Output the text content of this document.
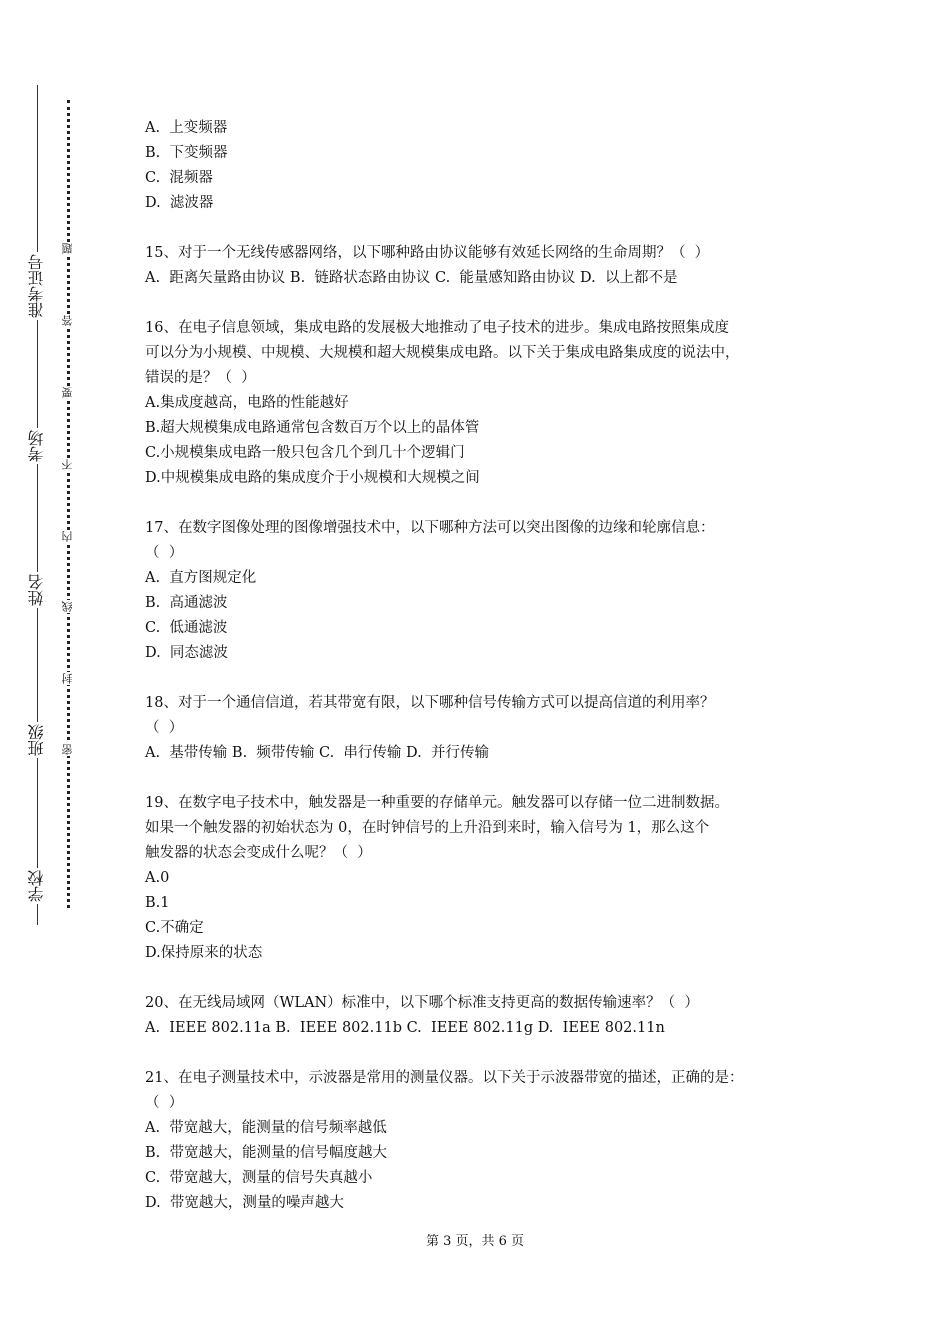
学校
班级
姓名
考场
准考证号
密
封
线
内
不
要
答
题
A.  上变频器
B.  下变频器
C.  混频器
D.  滤波器
15、对于一个无线传感器网络，以下哪种路由协议能够有效延长网络的生命周期？（  ）
A.  距离矢量路由协议 B.  链路状态路由协议 C.  能量感知路由协议 D.  以上都不是
16、在电子信息领域，集成电路的发展极大地推动了电子技术的进步。集成电路按照集成度
可以分为小规模、中规模、大规模和超大规模集成电路。以下关于集成电路集成度的说法中，
错误的是？（  ）
A.集成度越高，电路的性能越好
B.超大规模集成电路通常包含数百万个以上的晶体管
C.小规模集成电路一般只包含几个到几十个逻辑门
D.中规模集成电路的集成度介于小规模和大规模之间
17、在数字图像处理的图像增强技术中，以下哪种方法可以突出图像的边缘和轮廓信息：
（  ）
A.  直方图规定化
B.  高通滤波
C.  低通滤波
D.  同态滤波
18、对于一个通信信道，若其带宽有限，以下哪种信号传输方式可以提高信道的利用率？
（  ）
A.  基带传输 B.  频带传输 C.  串行传输 D.  并行传输
19、在数字电子技术中，触发器是一种重要的存储单元。触发器可以存储一位二进制数据。
如果一个触发器的初始状态为 0，在时钟信号的上升沿到来时，输入信号为 1，那么这个
触发器的状态会变成什么呢？（  ）
A.0
B.1
C.不确定
D.保持原来的状态
20、在无线局域网（WLAN）标准中，以下哪个标准支持更高的数据传输速率？（  ）
A.  IEEE 802.11a B.  IEEE 802.11b C.  IEEE 802.11g D.  IEEE 802.11n
21、在电子测量技术中，示波器是常用的测量仪器。以下关于示波器带宽的描述，正确的是：
（  ）
A.  带宽越大，能测量的信号频率越低
B.  带宽越大，能测量的信号幅度越大
C.  带宽越大，测量的信号失真越小
D.  带宽越大，测量的噪声越大
第 3 页，共 6 页
